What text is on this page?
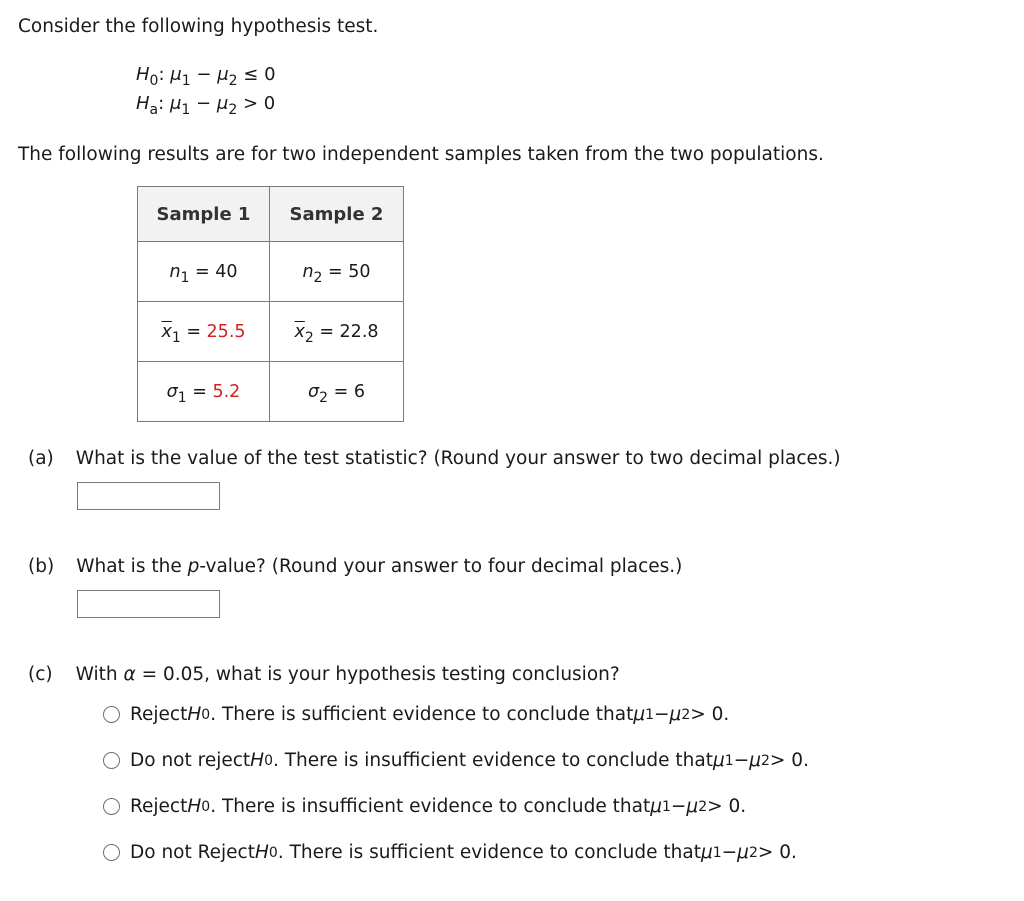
Consider the following hypothesis test.
$H_0$: $\mu_1 - \mu_2 \le 0$
$H_a$: $\mu_1 - \mu_2 > 0$
The following results are for two independent samples taken from the two populations.
Sample 1	Sample 2
$n_1 = 40$	$n_2 = 50$
$\overline{x}_1 = 25.5$	$\overline{x}_2 = 22.8$
$\sigma_1 = 5.2$	$\sigma_2 = 6$
(a) What is the value of the test statistic? (Round your answer to two decimal places.)
(b) What is the p-value? (Round your answer to four decimal places.)
(c) With α = 0.05, what is your hypothesis testing conclusion?
Reject H 0 . There is sufficient evidence to conclude that μ 1 − μ 2 > 0.
Do not reject H 0 . There is insufficient evidence to conclude that μ 1 − μ 2 > 0.
Reject H 0 . There is insufficient evidence to conclude that μ 1 − μ 2 > 0.
Do not Reject H 0 . There is sufficient evidence to conclude that μ 1 − μ 2 > 0.
